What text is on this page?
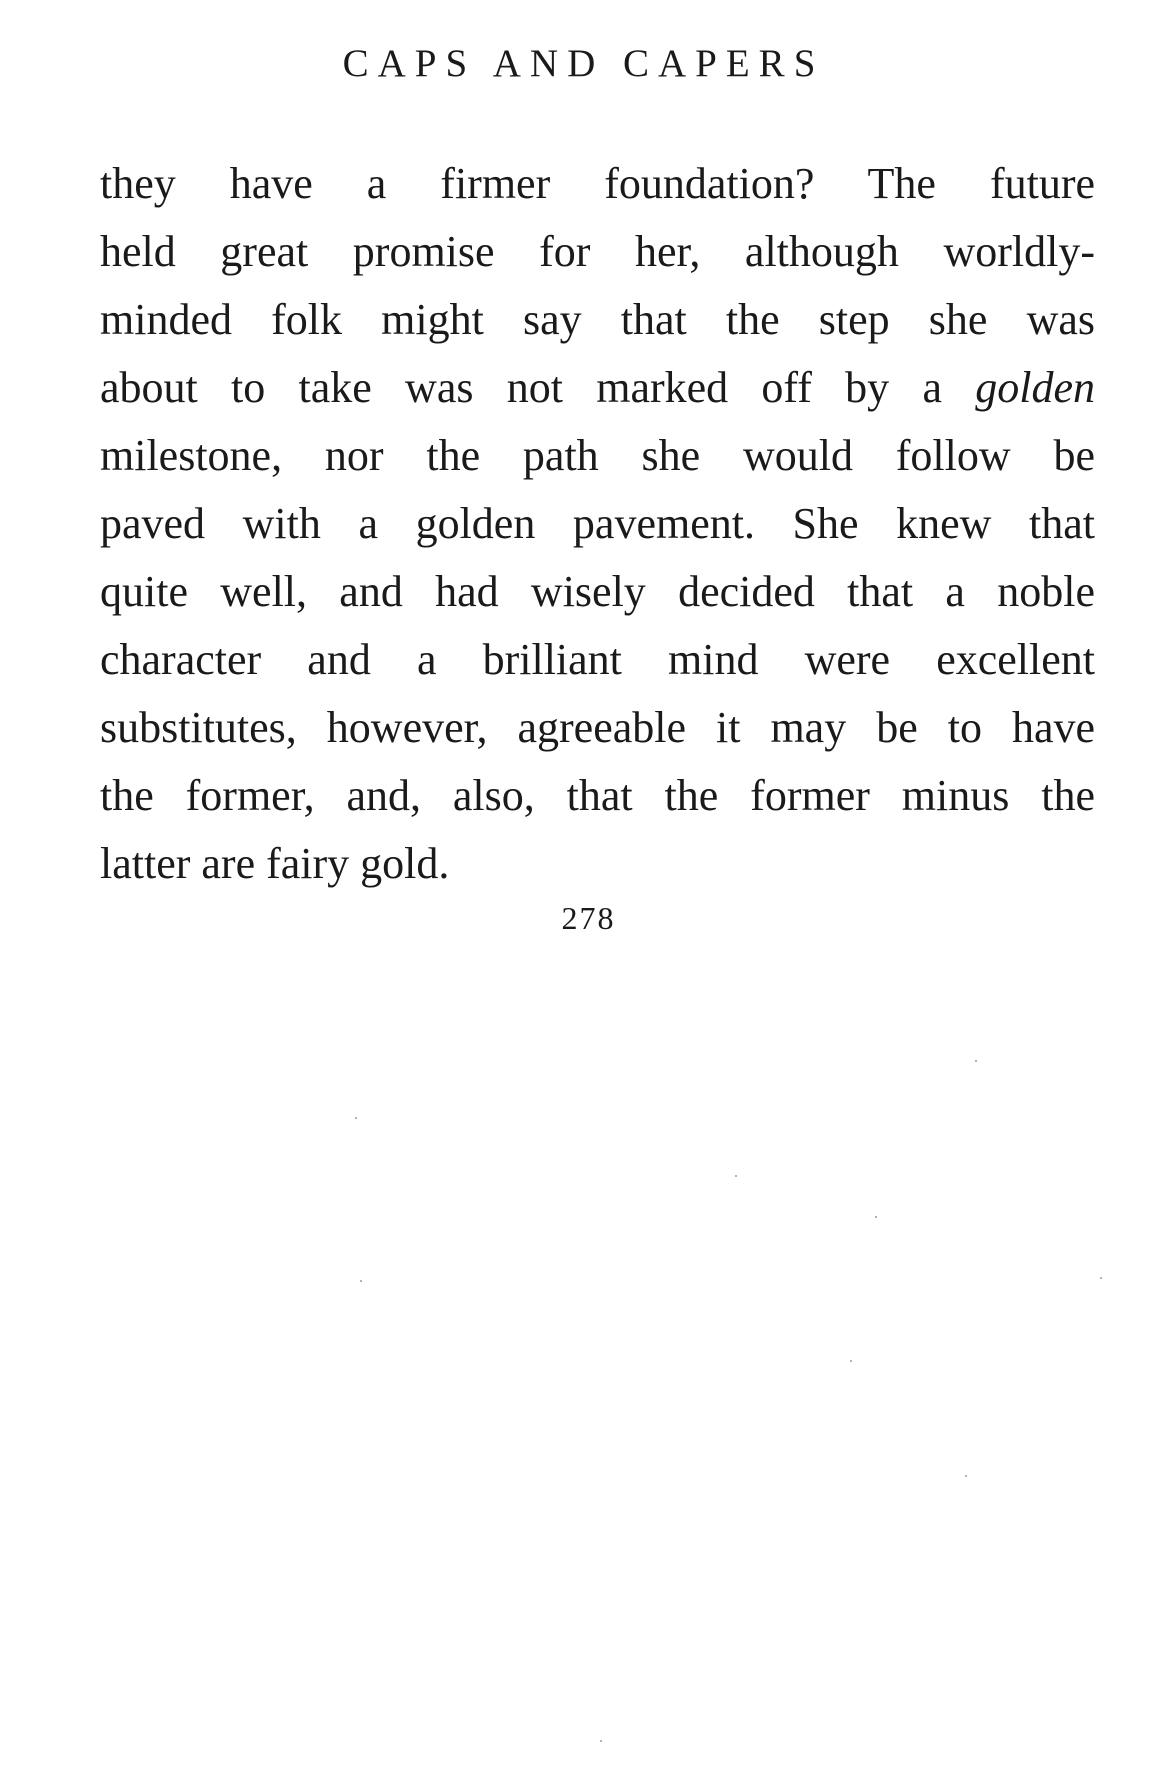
CAPS AND CAPERS
they have a firmer foundation? The future
held great promise for her, although worldly-
minded folk might say that the step she was
about to take was not marked off by a golden
milestone, nor the path she would follow be
paved with a golden pavement. She knew that
quite well, and had wisely decided that a noble
character and a brilliant mind were excellent
substitutes, however, agreeable it may be to have
the former, and, also, that the former minus the
latter are fairy gold.
278
